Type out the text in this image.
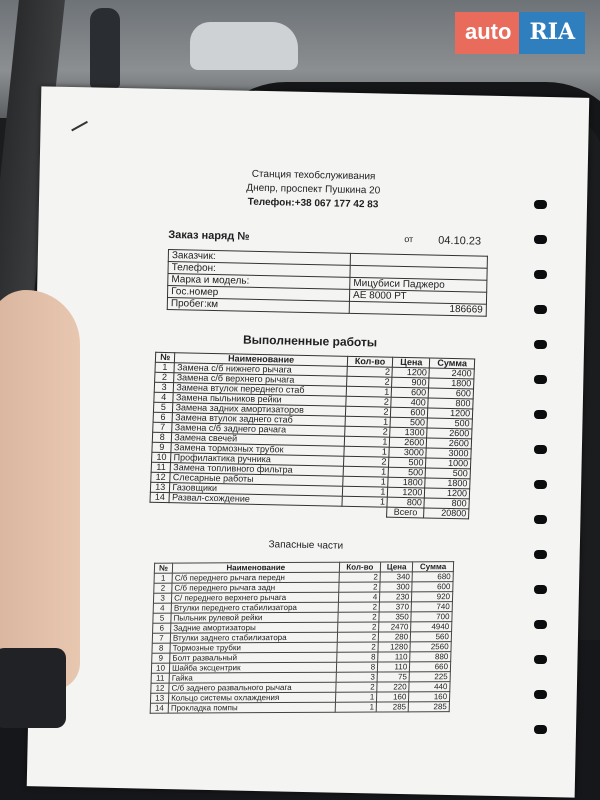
Станция техобслуживания
Днепр, проспект Пушкина 20
Телефон:+38 067 177 42 83
Заказ наряд №	от 04.10.23
Заказчик:	
Телефон:	
Марка и модель:	Мицубиси Паджеро
Гос.номер	АЕ 8000 РТ
Пробег:км	186669
Выполненные работы
№	Наименование	Кол-во	Цена	Сумма
1	Замена с/б нижнего рычага	2	1200	2400
2	Замена с/б верхнего рычага	2	900	1800
3	Замена втулок переднего стаб	1	600	600
4	Замена пыльников рейки	2	400	800
5	Замена задних амортизаторов	2	600	1200
6	Замена втулок заднего стаб	1	500	500
7	Замена с/б заднего рачага	2	1300	2600
8	Замена свечей	1	2600	2600
9	Замена тормозных трубок	1	3000	3000
10	Профилактика ручника	2	500	1000
11	Замена топливного фильтра	1	500	500
12	Слесарные работы	1	1800	1800
13	Газовщики	1	1200	1200
14	Развал-схождение	1	800	800
			Всего	20800
Запасные части
№	Наименование	Кол-во	Цена	Сумма
1	С/б переднего рычага передн	2	340	680
2	С/б переднего рычага задн	2	300	600
3	С/ переднего верхнего рычага	4	230	920
4	Втулки переднего стабилизатора	2	370	740
5	Пыльник рулевой рейки	2	350	700
6	Задние амортизаторы	2	2470	4940
7	Втулки заднего стабилизатора	2	280	560
8	Тормозные трубки	2	1280	2560
9	Болт развальный	8	110	880
10	Шайба эксцентрик	8	110	660
11	Гайка	3	75	225
12	С/б заднего развального рычага	2	220	440
13	Кольцо системы охлаждения	1	160	160
14	Прокладка помпы	1	285	285
auto RIA
